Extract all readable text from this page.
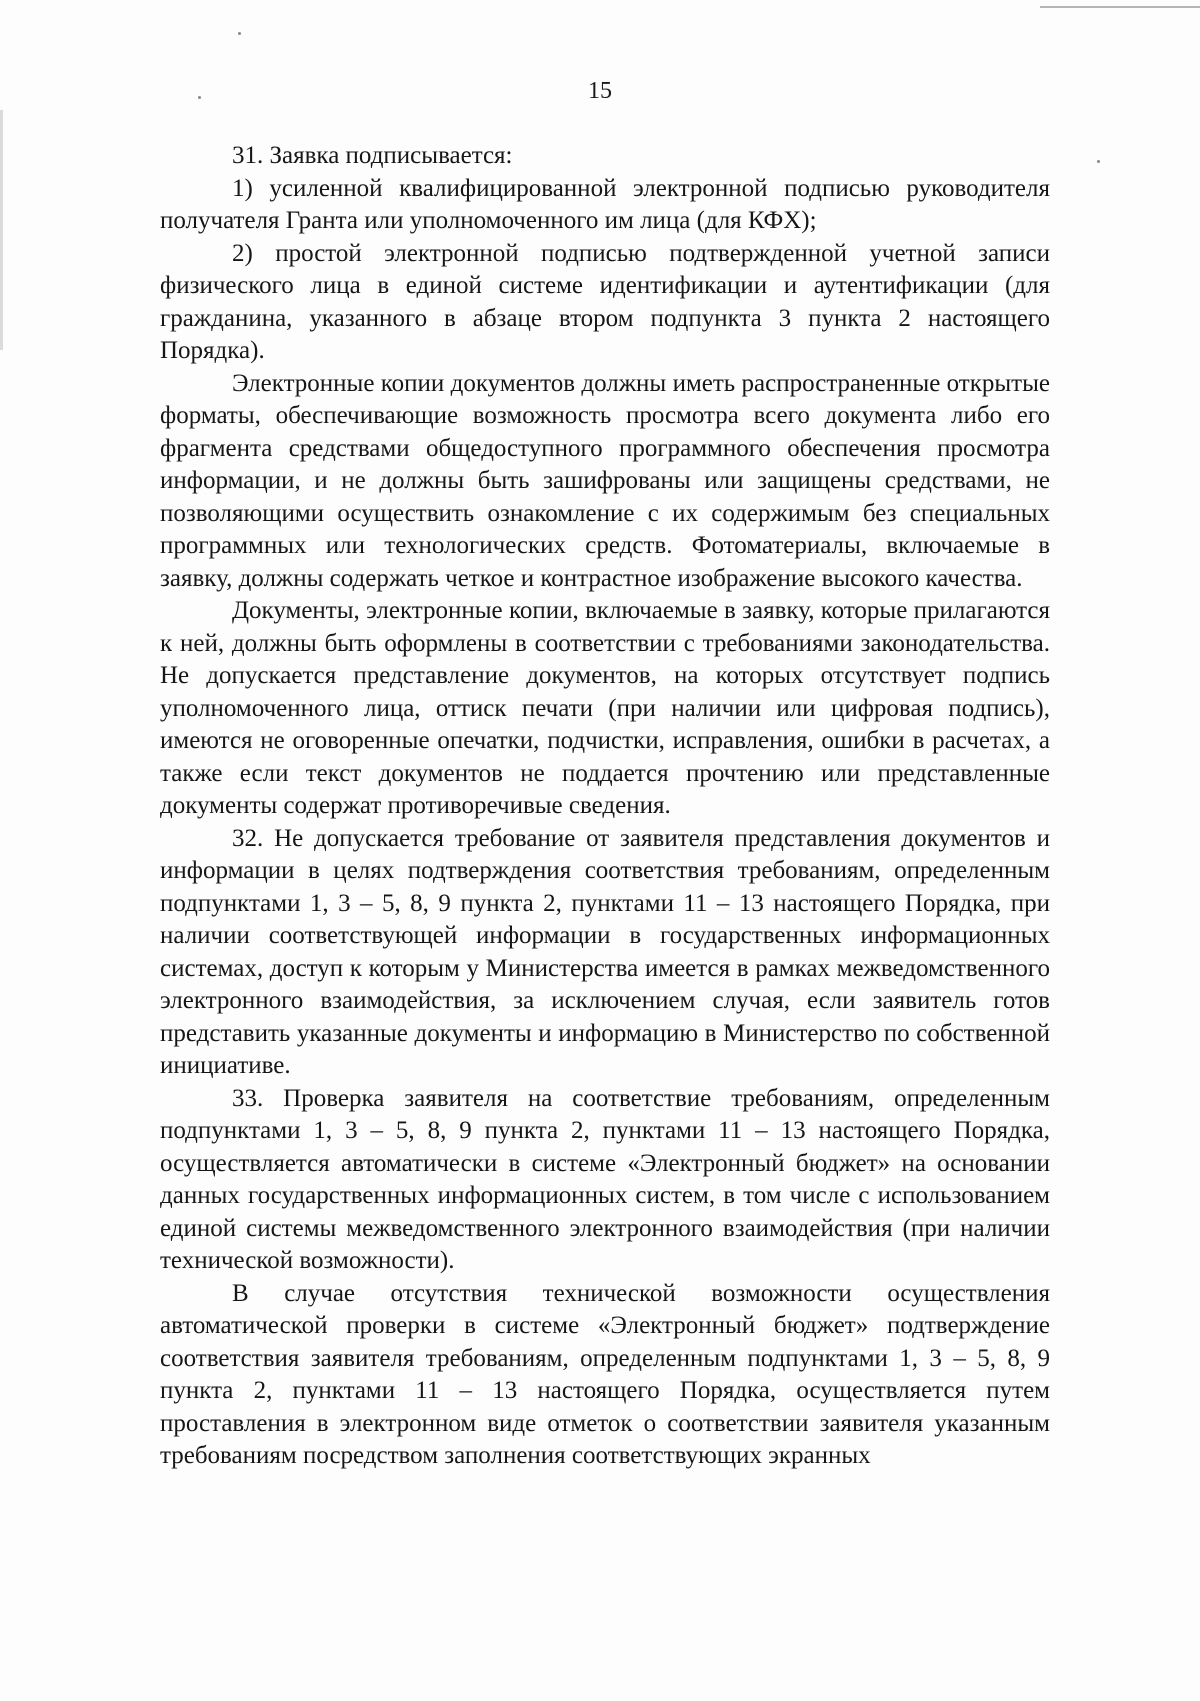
15

31. Заявка подписывается:

1) усиленной квалифицированной электронной подписью руководителя получателя Гранта или уполномоченного им лица (для КФХ);

2) простой электронной подписью подтвержденной учетной записи физического лица в единой системе идентификации и аутентификации (для гражданина, указанного в абзаце втором подпункта 3 пункта 2 настоящего Порядка).

Электронные копии документов должны иметь распространенные открытые форматы, обеспечивающие возможность просмотра всего документа либо его фрагмента средствами общедоступного программного обеспечения просмотра информации, и не должны быть зашифрованы или защищены средствами, не позволяющими осуществить ознакомление с их содержимым без специальных программных или технологических средств. Фотоматериалы, включаемые в заявку, должны содержать четкое и контрастное изображение высокого качества.

Документы, электронные копии, включаемые в заявку, которые прилагаются к ней, должны быть оформлены в соответствии с требованиями законодательства. Не допускается представление документов, на которых отсутствует подпись уполномоченного лица, оттиск печати (при наличии или цифровая подпись), имеются не оговоренные опечатки, подчистки, исправления, ошибки в расчетах, а также если текст документов не поддается прочтению или представленные документы содержат противоречивые сведения.

32. Не допускается требование от заявителя представления документов и информации в целях подтверждения соответствия требованиям, определенным подпунктами 1, 3 – 5, 8, 9 пункта 2, пунктами 11 – 13 настоящего Порядка, при наличии соответствующей информации в государственных информационных системах, доступ к которым у Министерства имеется в рамках межведомственного электронного взаимодействия, за исключением случая, если заявитель готов представить указанные документы и информацию в Министерство по собственной инициативе.

33. Проверка заявителя на соответствие требованиям, определенным подпунктами 1, 3 – 5, 8, 9 пункта 2, пунктами 11 – 13 настоящего Порядка, осуществляется автоматически в системе «Электронный бюджет» на основании данных государственных информационных систем, в том числе с использованием единой системы межведомственного электронного взаимодействия (при наличии технической возможности).

В случае отсутствия технической возможности осуществления автоматической проверки в системе «Электронный бюджет» подтверждение соответствия заявителя требованиям, определенным подпунктами 1, 3 – 5, 8, 9 пункта 2, пунктами 11 – 13 настоящего Порядка, осуществляется путем проставления в электронном виде отметок о соответствии заявителя указанным требованиям посредством заполнения соответствующих экранных
